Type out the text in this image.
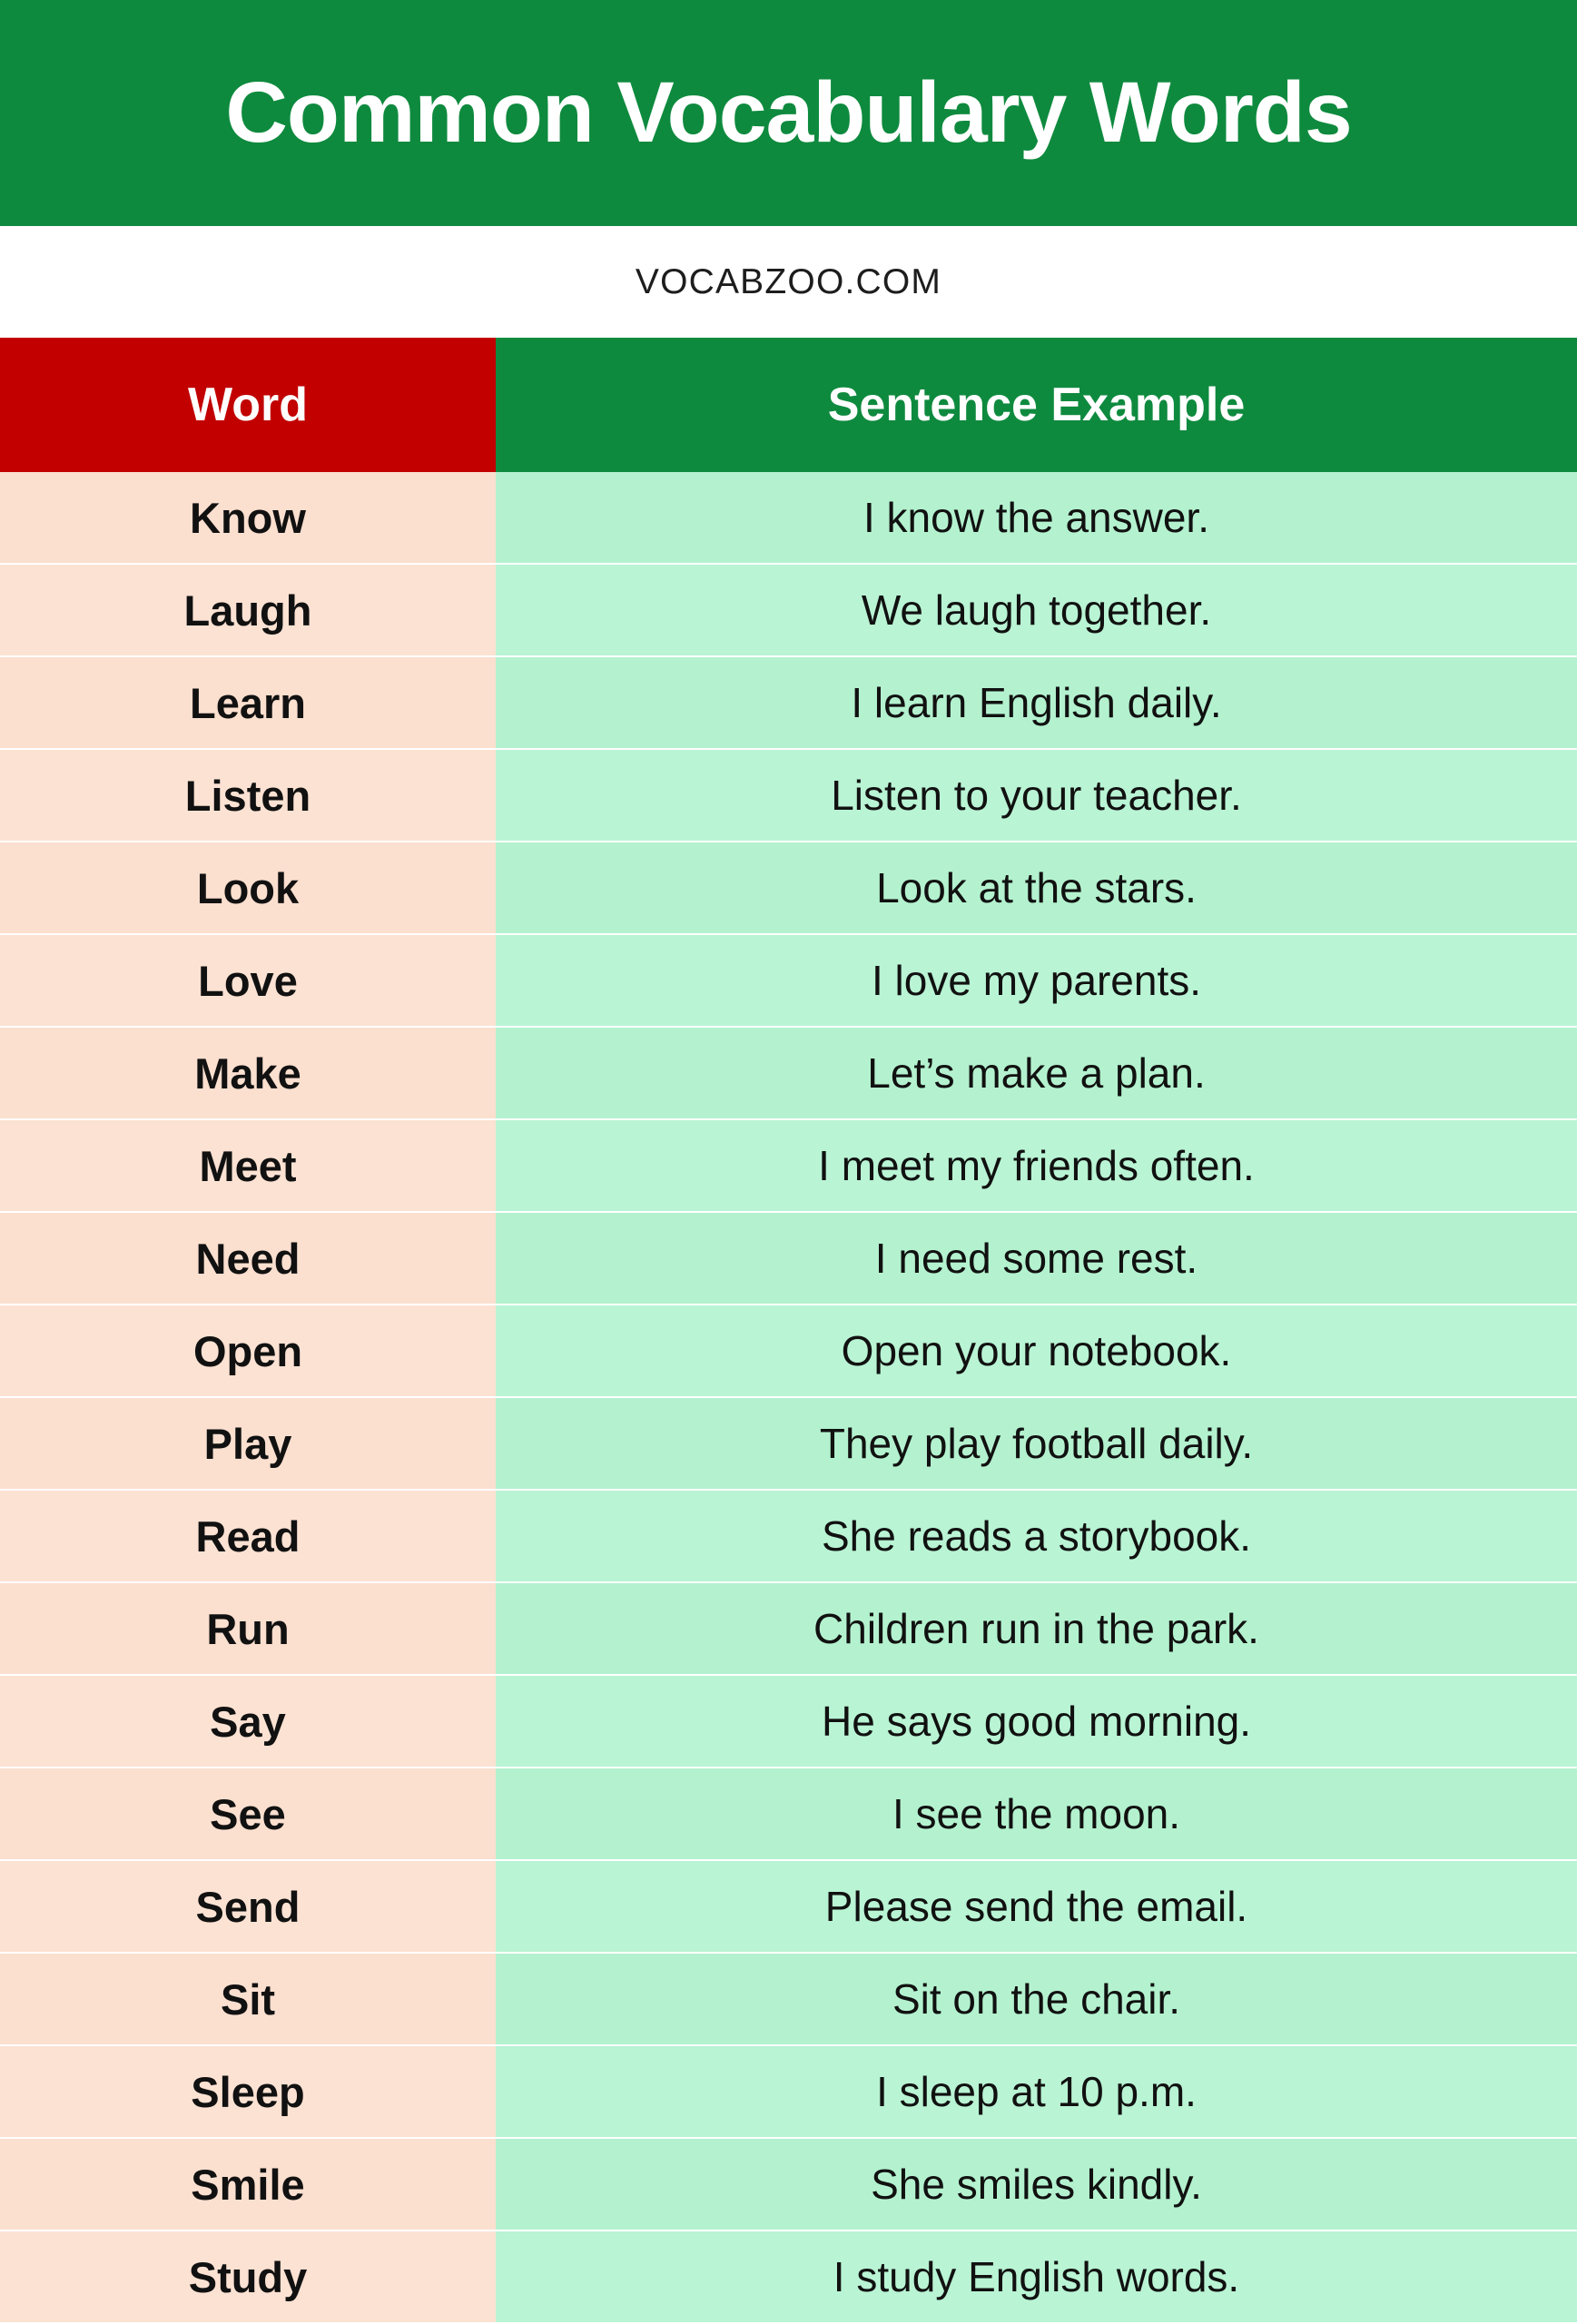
Common Vocabulary Words
VOCABZOO.COM
Word	Sentence Example
Know	I know the answer.
Laugh	We laugh together.
Learn	I learn English daily.
Listen	Listen to your teacher.
Look	Look at the stars.
Love	I love my parents.
Make	Let’s make a plan.
Meet	I meet my friends often.
Need	I need some rest.
Open	Open your notebook.
Play	They play football daily.
Read	She reads a storybook.
Run	Children run in the park.
Say	He says good morning.
See	I see the moon.
Send	Please send the email.
Sit	Sit on the chair.
Sleep	I sleep at 10 p.m.
Smile	She smiles kindly.
Study	I study English words.
